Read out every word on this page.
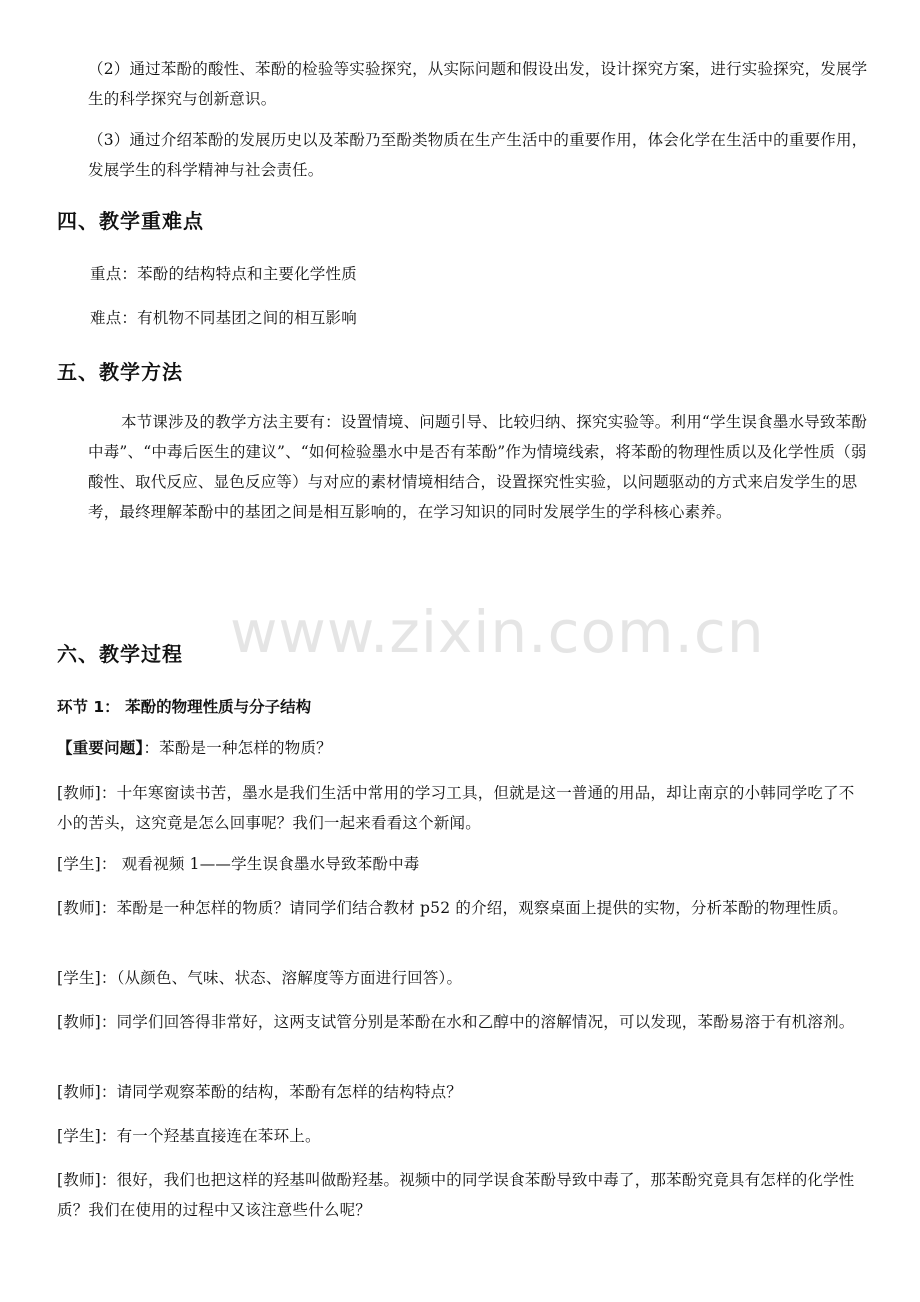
（2）通过苯酚的酸性、苯酚的检验等实验探究，从实际问题和假设出发，设计探究方案，进行实验探究，发展学生的科学探究与创新意识。

（3）通过介绍苯酚的发展历史以及苯酚乃至酚类物质在生产生活中的重要作用，体会化学在生活中的重要作用，发展学生的科学精神与社会责任。

四、教学重难点

重点：苯酚的结构特点和主要化学性质

难点：有机物不同基团之间的相互影响

五、教学方法

本节课涉及的教学方法主要有：设置情境、问题引导、比较归纳、探究实验等。利用“学生误食墨水导致苯酚中毒”、“中毒后医生的建议”、“如何检验墨水中是否有苯酚”作为情境线索，将苯酚的物理性质以及化学性质（弱酸性、取代反应、显色反应等）与对应的素材情境相结合，设置探究性实验，以问题驱动的方式来启发学生的思考，最终理解苯酚中的基团之间是相互影响的，在学习知识的同时发展学生的学科核心素养。

www.zixin.com.cn
六、教学过程
环节 1： 苯酚的物理性质与分子结构

【重要问题】：苯酚是一种怎样的物质？

[教师]：十年寒窗读书苦，墨水是我们生活中常用的学习工具，但就是这一普通的用品，却让南京的小韩同学吃了不小的苦头，这究竟是怎么回事呢？我们一起来看看这个新闻。

[学生]： 观看视频 1——学生误食墨水导致苯酚中毒

[教师]：苯酚是一种怎样的物质？请同学们结合教材 p52 的介绍，观察桌面上提供的实物，分析苯酚的物理性质。

[学生]：（从颜色、气味、状态、溶解度等方面进行回答）。

[教师]：同学们回答得非常好，这两支试管分别是苯酚在水和乙醇中的溶解情况，可以发现，苯酚易溶于有机溶剂。

[教师]：请同学观察苯酚的结构，苯酚有怎样的结构特点？

[学生]：有一个羟基直接连在苯环上。

[教师]：很好，我们也把这样的羟基叫做酚羟基。视频中的同学误食苯酚导致中毒了，那苯酚究竟具有怎样的化学性质？我们在使用的过程中又该注意些什么呢？
